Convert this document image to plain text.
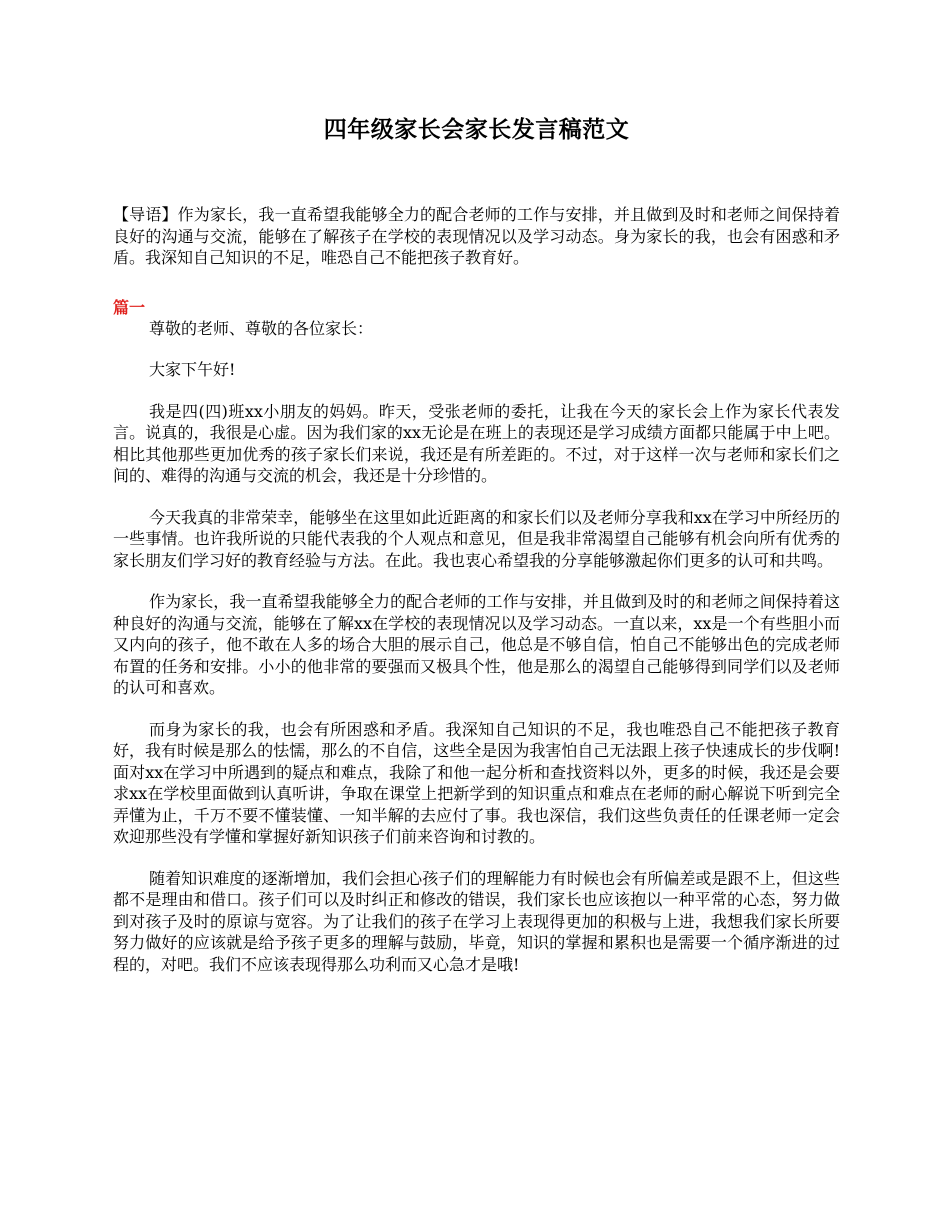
四年级家长会家长发言稿范文

【导语】作为家长，我一直希望我能够全力的配合老师的工作与安排，并且做到及时和老师之间保持着良好的沟通与交流，能够在了解孩子在学校的表现情况以及学习动态。身为家长的我，也会有困惑和矛盾。我深知自己知识的不足，唯恐自己不能把孩子教育好。

篇一

尊敬的老师、尊敬的各位家长：

大家下午好!

我是四(四)班xx小朋友的妈妈。昨天，受张老师的委托，让我在今天的家长会上作为家长代表发言。说真的，我很是心虚。因为我们家的xx无论是在班上的表现还是学习成绩方面都只能属于中上吧。相比其他那些更加优秀的孩子家长们来说，我还是有所差距的。不过，对于这样一次与老师和家长们之间的、难得的沟通与交流的机会，我还是十分珍惜的。

今天我真的非常荣幸，能够坐在这里如此近距离的和家长们以及老师分享我和xx在学习中所经历的一些事情。也许我所说的只能代表我的个人观点和意见，但是我非常渴望自己能够有机会向所有优秀的家长朋友们学习好的教育经验与方法。在此。我也衷心希望我的分享能够激起你们更多的认可和共鸣。

作为家长，我一直希望我能够全力的配合老师的工作与安排，并且做到及时的和老师之间保持着这种良好的沟通与交流，能够在了解xx在学校的表现情况以及学习动态。一直以来，xx是一个有些胆小而又内向的孩子，他不敢在人多的场合大胆的展示自己，他总是不够自信，怕自己不能够出色的完成老师布置的任务和安排。小小的他非常的要强而又极具个性，他是那么的渴望自己能够得到同学们以及老师的认可和喜欢。

而身为家长的我，也会有所困惑和矛盾。我深知自己知识的不足，我也唯恐自己不能把孩子教育好，我有时候是那么的怯懦，那么的不自信，这些全是因为我害怕自己无法跟上孩子快速成长的步伐啊!面对xx在学习中所遇到的疑点和难点，我除了和他一起分析和查找资料以外，更多的时候，我还是会要求xx在学校里面做到认真听讲，争取在课堂上把新学到的知识重点和难点在老师的耐心解说下听到完全弄懂为止，千万不要不懂装懂、一知半解的去应付了事。我也深信，我们这些负责任的任课老师一定会欢迎那些没有学懂和掌握好新知识孩子们前来咨询和讨教的。

随着知识难度的逐渐增加，我们会担心孩子们的理解能力有时候也会有所偏差或是跟不上，但这些都不是理由和借口。孩子们可以及时纠正和修改的错误，我们家长也应该抱以一种平常的心态，努力做到对孩子及时的原谅与宽容。为了让我们的孩子在学习上表现得更加的积极与上进，我想我们家长所要努力做好的应该就是给予孩子更多的理解与鼓励，毕竟，知识的掌握和累积也是需要一个循序渐进的过程的，对吧。我们不应该表现得那么功利而又心急才是哦!
